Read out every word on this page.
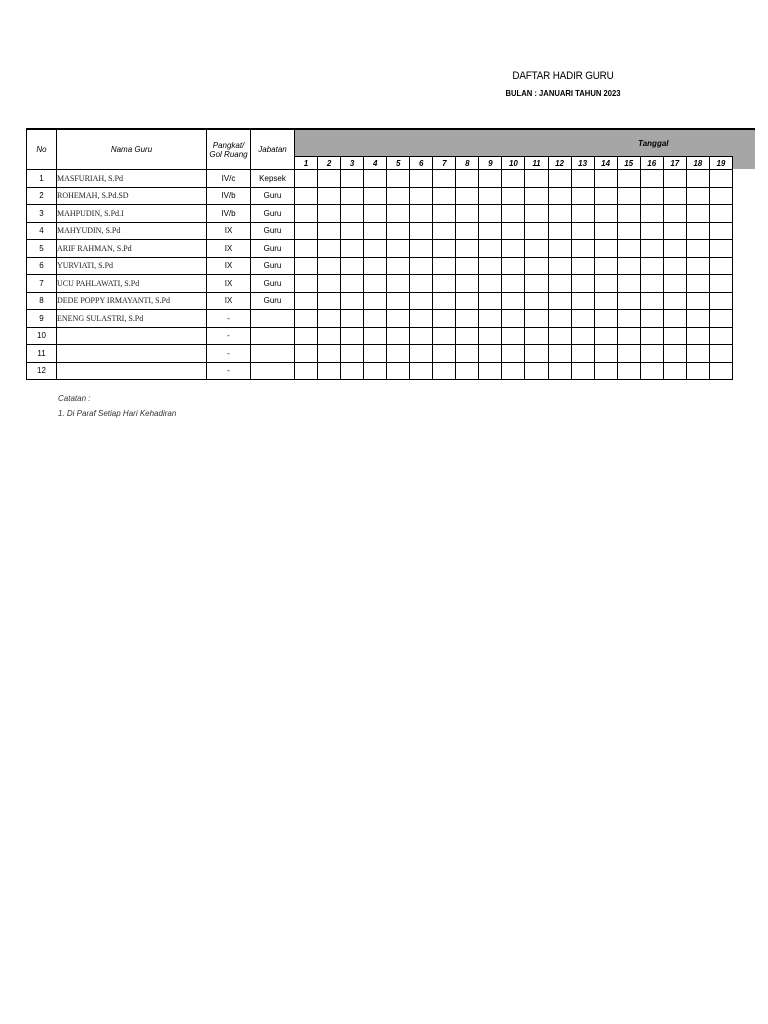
DAFTAR HADIR GURU
BULAN : JANUARI TAHUN 2023
No	Nama Guru	Pangkat/
Gol Ruang	Jabatan	Tanggal																		
				1	2	3	4	5	6	7	8	9	10	11	12	13	14	15	16	17	18	19
1	MASFURIAH, S.Pd	IV/c	Kepsek																			
2	ROHEMAH, S.Pd.SD	IV/b	Guru																			
3	MAHPUDIN, S.Pd.I	IV/b	Guru																			
4	MAHYUDIN, S.Pd	IX	Guru																			
5	ARIF RAHMAN, S.Pd	IX	Guru																			
6	YURVIATI, S.Pd	IX	Guru																			
7	UCU PAHLAWATI, S.Pd	IX	Guru																			
8	DEDE POPPY IRMAYANTI, S.Pd	IX	Guru																			
9	ENENG SULASTRI, S.Pd	-																				
10		-																				
11		-																				
12		-																				
Catatan :
1. Di Paraf Setiap Hari Kehadiran
